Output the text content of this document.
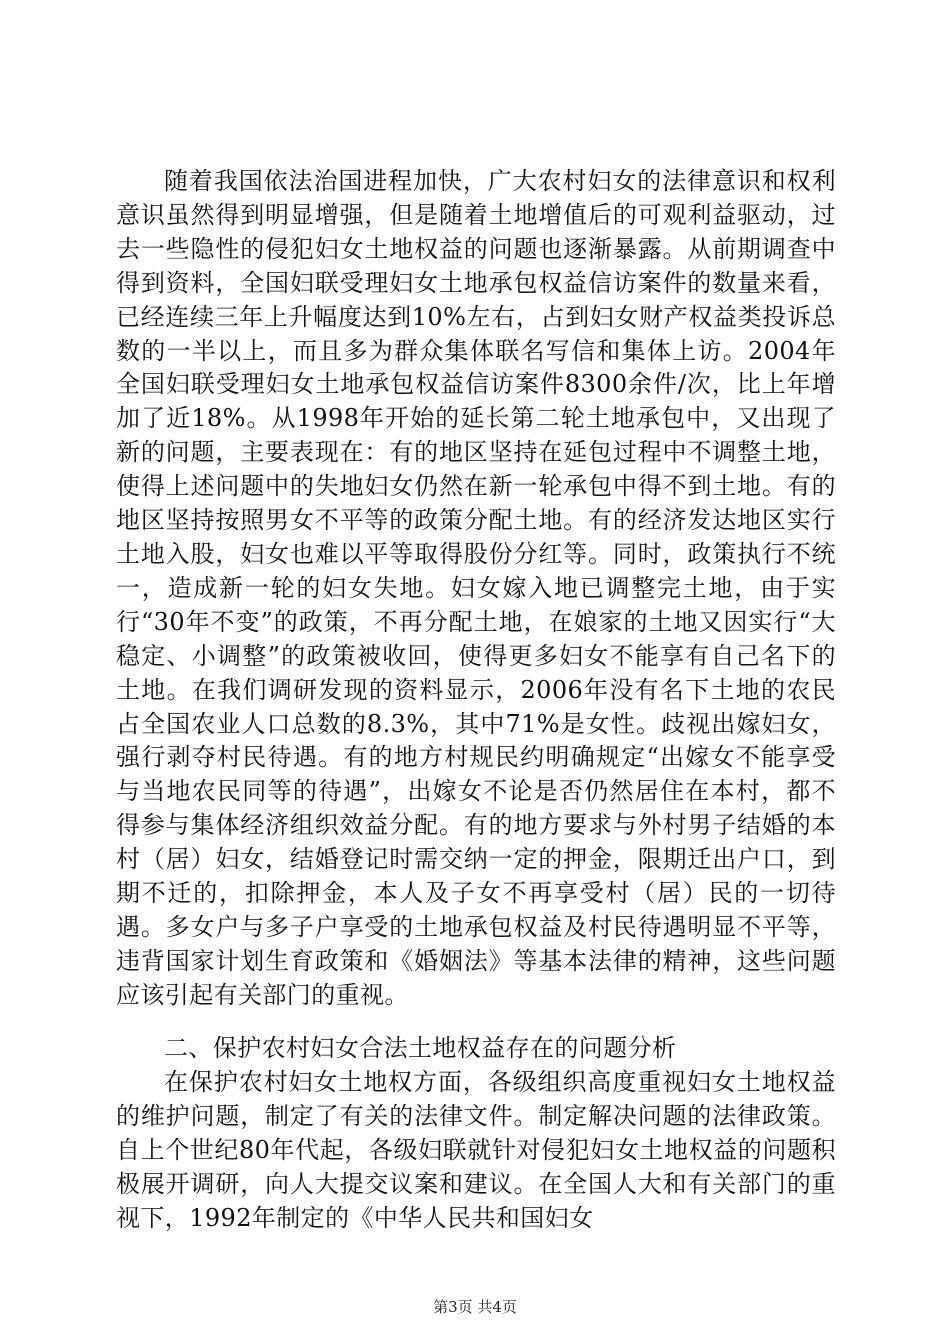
随着我国依法治国进程加快，广大农村妇女的法律意识和权利意识虽然得到明显增强，但是随着土地增值后的可观利益驱动，过去一些隐性的侵犯妇女土地权益的问题也逐渐暴露。从前期调查中得到资料，全国妇联受理妇女土地承包权益信访案件的数量来看，已经连续三年上升幅度达到10%左右，占到妇女财产权益类投诉总数的一半以上，而且多为群众集体联名写信和集体上访。2004年全国妇联受理妇女土地承包权益信访案件8300余件/次，比上年增加了近18%。从1998年开始的延长第二轮土地承包中，又出现了新的问题，主要表现在：有的地区坚持在延包过程中不调整土地，使得上述问题中的失地妇女仍然在新一轮承包中得不到土地。有的地区坚持按照男女不平等的政策分配土地。有的经济发达地区实行土地入股，妇女也难以平等取得股份分红等。同时，政策执行不统一，造成新一轮的妇女失地。妇女嫁入地已调整完土地，由于实行“30年不变”的政策，不再分配土地，在娘家的土地又因实行“大稳定、小调整”的政策被收回，使得更多妇女不能享有自己名下的土地。在我们调研发现的资料显示，2006年没有名下土地的农民占全国农业人口总数的8.3%，其中71%是女性。歧视出嫁妇女，强行剥夺村民待遇。有的地方村规民约明确规定“出嫁女不能享受与当地农民同等的待遇”，出嫁女不论是否仍然居住在本村，都不得参与集体经济组织效益分配。有的地方要求与外村男子结婚的本村（居）妇女，结婚登记时需交纳一定的押金，限期迁出户口，到期不迁的，扣除押金，本人及子女不再享受村（居）民的一切待遇。多女户与多子户享受的土地承包权益及村民待遇明显不平等，违背国家计划生育政策和《婚姻法》等基本法律的精神，这些问题应该引起有关部门的重视。

二、保护农村妇女合法土地权益存在的问题分析

在保护农村妇女土地权方面，各级组织高度重视妇女土地权益的维护问题，制定了有关的法律文件。制定解决问题的法律政策。自上个世纪80年代起，各级妇联就针对侵犯妇女土地权益的问题积极展开调研，向人大提交议案和建议。在全国人大和有关部门的重视下，1992年制定的《中华人民共和国妇女

第3页 共4页
